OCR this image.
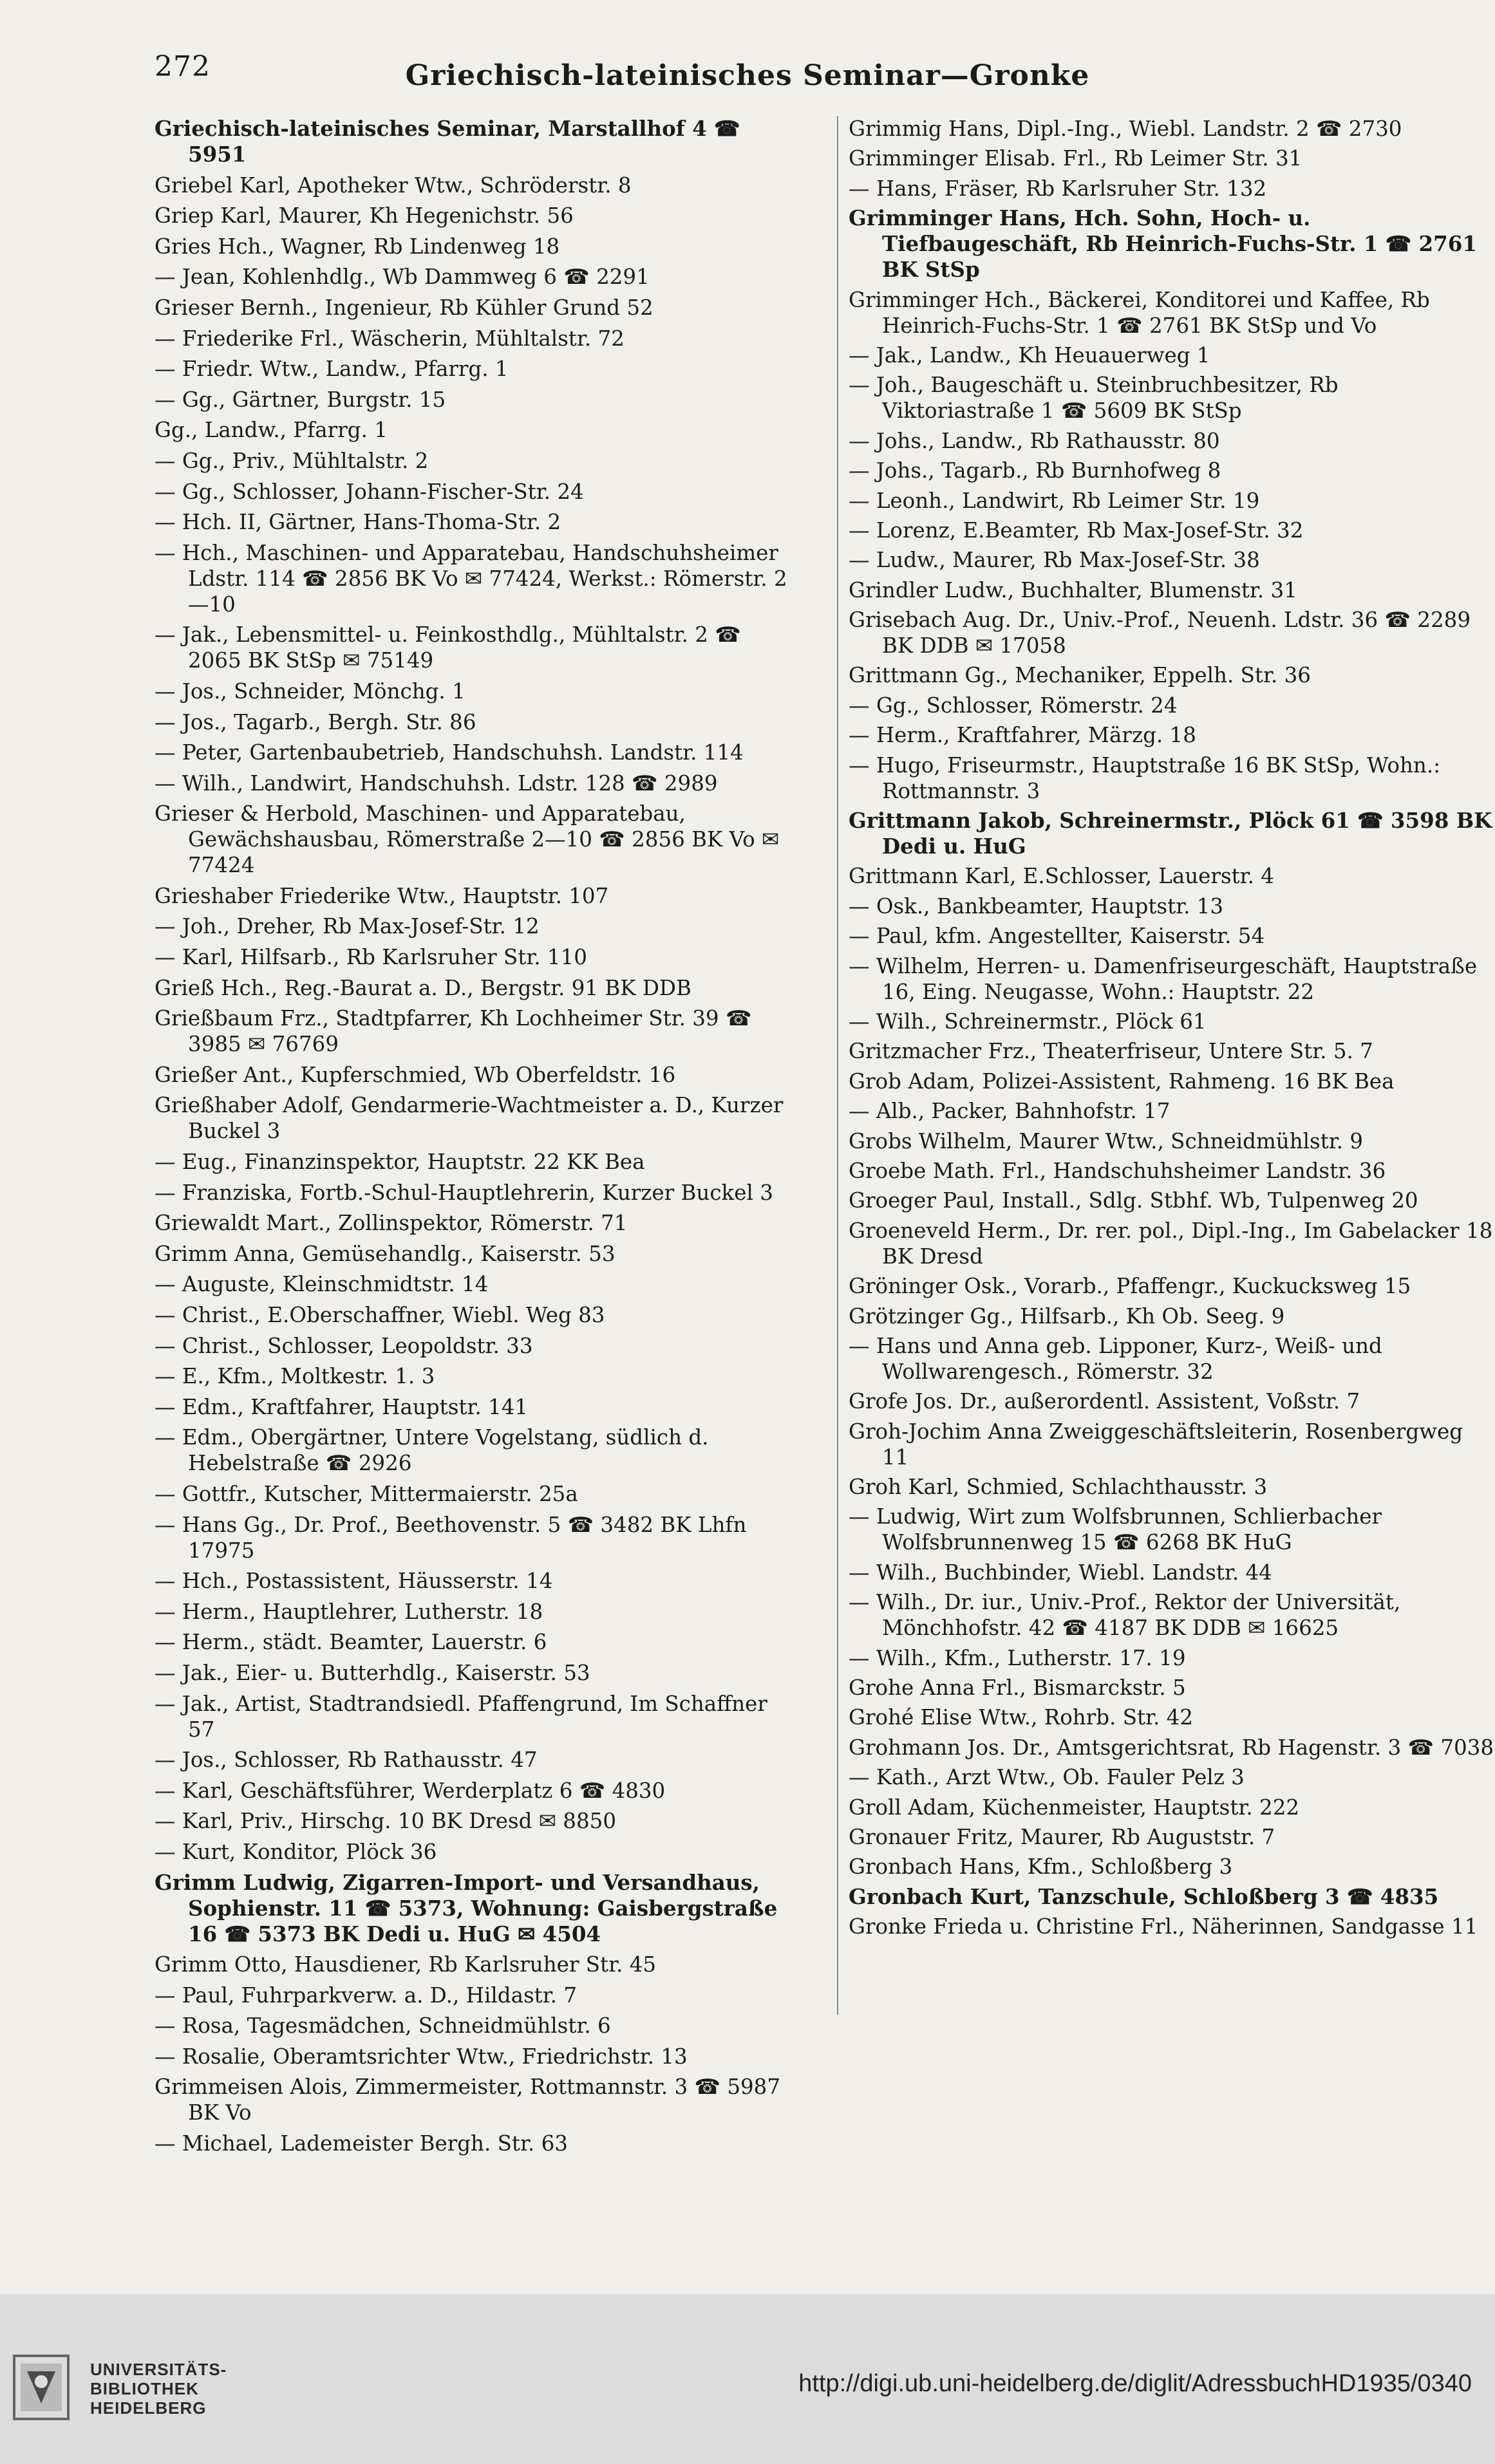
272	Griechisch-lateinisches Seminar—Gronke
Griechisch-lateinisches Seminar, Marstallhof 4 ☎ 5951
Griebel Karl, Apotheker Wtw., Schröderstr. 8
Griep Karl, Maurer, Kh Hegenichstr. 56
Gries Hch., Wagner, Rb Lindenweg 18
— Jean, Kohlenhdlg., Wb Dammweg 6 ☎ 2291
Grieser Bernh., Ingenieur, Rb Kühler Grund 52
— Friederike Frl., Wäscherin, Mühltalstr. 72
— Friedr. Wtw., Landw., Pfarrg. 1
— Gg., Gärtner, Burgstr. 15
Gg., Landw., Pfarrg. 1
— Gg., Priv., Mühltalstr. 2
— Gg., Schlosser, Johann-Fischer-Str. 24
— Hch. II, Gärtner, Hans-Thoma-Str. 2
— Hch., Maschinen- und Apparatebau, Handschuhsheimer Ldstr. 114 ☎ 2856 BK Vo ✉ 77424, Werkst.: Römerstr. 2—10
— Jak., Lebensmittel- u. Feinkosthdlg., Mühltalstr. 2 ☎ 2065 BK StSp ✉ 75149
— Jos., Schneider, Mönchg. 1
— Jos., Tagarb., Bergh. Str. 86
— Peter, Gartenbaubetrieb, Handschuhsh. Landstr. 114
— Wilh., Landwirt, Handschuhsh. Ldstr. 128 ☎ 2989
Grieser & Herbold, Maschinen- und Apparatebau, Gewächshausbau, Römerstraße 2—10 ☎ 2856 BK Vo ✉ 77424
Grieshaber Friederike Wtw., Hauptstr. 107
— Joh., Dreher, Rb Max-Josef-Str. 12
— Karl, Hilfsarb., Rb Karlsruher Str. 110
Grieß Hch., Reg.-Baurat a. D., Bergstr. 91 BK DDB
Grießbaum Frz., Stadtpfarrer, Kh Lochheimer Str. 39 ☎ 3985 ✉ 76769
Grießer Ant., Kupferschmied, Wb Oberfeldstr. 16
Grießhaber Adolf, Gendarmerie-Wachtmeister a. D., Kurzer Buckel 3
— Eug., Finanzinspektor, Hauptstr. 22 KK Bea
— Franziska, Fortb.-Schul-Hauptlehrerin, Kurzer Buckel 3
Griewaldt Mart., Zollinspektor, Römerstr. 71
Grimm Anna, Gemüsehandlg., Kaiserstr. 53
— Auguste, Kleinschmidtstr. 14
— Christ., E.Oberschaffner, Wiebl. Weg 83
— Christ., Schlosser, Leopoldstr. 33
— E., Kfm., Moltkestr. 1. 3
— Edm., Kraftfahrer, Hauptstr. 141
— Edm., Obergärtner, Untere Vogelstang, südlich d. Hebelstraße ☎ 2926
— Gottfr., Kutscher, Mittermaierstr. 25a
— Hans Gg., Dr. Prof., Beethovenstr. 5 ☎ 3482 BK Lhfn 17975
— Hch., Postassistent, Häusserstr. 14
— Herm., Hauptlehrer, Lutherstr. 18
— Herm., städt. Beamter, Lauerstr. 6
— Jak., Eier- u. Butterhdlg., Kaiserstr. 53
— Jak., Artist, Stadtrandsiedl. Pfaffengrund, Im Schaffner 57
— Jos., Schlosser, Rb Rathausstr. 47
— Karl, Geschäftsführer, Werderplatz 6 ☎ 4830
— Karl, Priv., Hirschg. 10 BK Dresd ✉ 8850
— Kurt, Konditor, Plöck 36
Grimm Ludwig, Zigarren-Import- und Versandhaus, Sophienstr. 11 ☎ 5373, Wohnung: Gaisbergstraße 16 ☎ 5373 BK Dedi u. HuG ✉ 4504
Grimm Otto, Hausdiener, Rb Karlsruher Str. 45
— Paul, Fuhrparkverw. a. D., Hildastr. 7
— Rosa, Tagesmädchen, Schneidmühlstr. 6
— Rosalie, Oberamtsrichter Wtw., Friedrichstr. 13
Grimmeisen Alois, Zimmermeister, Rottmannstr. 3 ☎ 5987 BK Vo
— Michael, Lademeister Bergh. Str. 63
Grimmig Hans, Dipl.-Ing., Wiebl. Landstr. 2 ☎ 2730
Grimminger Elisab. Frl., Rb Leimer Str. 31
— Hans, Fräser, Rb Karlsruher Str. 132
Grimminger Hans, Hch. Sohn, Hoch- u. Tiefbaugeschäft, Rb Heinrich-Fuchs-Str. 1 ☎ 2761 BK StSp
Grimminger Hch., Bäckerei, Konditorei und Kaffee, Rb Heinrich-Fuchs-Str. 1 ☎ 2761 BK StSp und Vo
— Jak., Landw., Kh Heuauerweg 1
— Joh., Baugeschäft u. Steinbruchbesitzer, Rb Viktoriastraße 1 ☎ 5609 BK StSp
— Johs., Landw., Rb Rathausstr. 80
— Johs., Tagarb., Rb Burnhofweg 8
— Leonh., Landwirt, Rb Leimer Str. 19
— Lorenz, E.Beamter, Rb Max-Josef-Str. 32
— Ludw., Maurer, Rb Max-Josef-Str. 38
Grindler Ludw., Buchhalter, Blumenstr. 31
Grisebach Aug. Dr., Univ.-Prof., Neuenh. Ldstr. 36 ☎ 2289 BK DDB ✉ 17058
Grittmann Gg., Mechaniker, Eppelh. Str. 36
— Gg., Schlosser, Römerstr. 24
— Herm., Kraftfahrer, Märzg. 18
— Hugo, Friseurmstr., Hauptstraße 16 BK StSp, Wohn.: Rottmannstr. 3
Grittmann Jakob, Schreinermstr., Plöck 61 ☎ 3598 BK Dedi u. HuG
Grittmann Karl, E.Schlosser, Lauerstr. 4
— Osk., Bankbeamter, Hauptstr. 13
— Paul, kfm. Angestellter, Kaiserstr. 54
— Wilhelm, Herren- u. Damenfriseurgeschäft, Hauptstraße 16, Eing. Neugasse, Wohn.: Hauptstr. 22
— Wilh., Schreinermstr., Plöck 61
Gritzmacher Frz., Theaterfriseur, Untere Str. 5. 7
Grob Adam, Polizei-Assistent, Rahmeng. 16 BK Bea
— Alb., Packer, Bahnhofstr. 17
Grobs Wilhelm, Maurer Wtw., Schneidmühlstr. 9
Groebe Math. Frl., Handschuhsheimer Landstr. 36
Groeger Paul, Install., Sdlg. Stbhf. Wb, Tulpenweg 20
Groeneveld Herm., Dr. rer. pol., Dipl.-Ing., Im Gabelacker 18 BK Dresd
Gröninger Osk., Vorarb., Pfaffengr., Kuckucksweg 15
Grötzinger Gg., Hilfsarb., Kh Ob. Seeg. 9
— Hans und Anna geb. Lipponer, Kurz-, Weiß- und Wollwarengesch., Römerstr. 32
Grofe Jos. Dr., außerordentl. Assistent, Voßstr. 7
Groh-Jochim Anna Zweiggeschäftsleiterin, Rosenbergweg 11
Groh Karl, Schmied, Schlachthausstr. 3
— Ludwig, Wirt zum Wolfsbrunnen, Schlierbacher Wolfsbrunnenweg 15 ☎ 6268 BK HuG
— Wilh., Buchbinder, Wiebl. Landstr. 44
— Wilh., Dr. iur., Univ.-Prof., Rektor der Universität, Mönchhofstr. 42 ☎ 4187 BK DDB ✉ 16625
— Wilh., Kfm., Lutherstr. 17. 19
Grohe Anna Frl., Bismarckstr. 5
Grohé Elise Wtw., Rohrb. Str. 42
Grohmann Jos. Dr., Amtsgerichtsrat, Rb Hagenstr. 3 ☎ 7038
— Kath., Arzt Wtw., Ob. Fauler Pelz 3
Groll Adam, Küchenmeister, Hauptstr. 222
Gronauer Fritz, Maurer, Rb Auguststr. 7
Gronbach Hans, Kfm., Schloßberg 3
Gronbach Kurt, Tanzschule, Schloßberg 3 ☎ 4835
Gronke Frieda u. Christine Frl., Näherinnen, Sandgasse 11
UNIVERSITÄTS-
BIBLIOTHEK
HEIDELBERG
http://digi.ub.uni-heidelberg.de/diglit/AdressbuchHD1935/0340
